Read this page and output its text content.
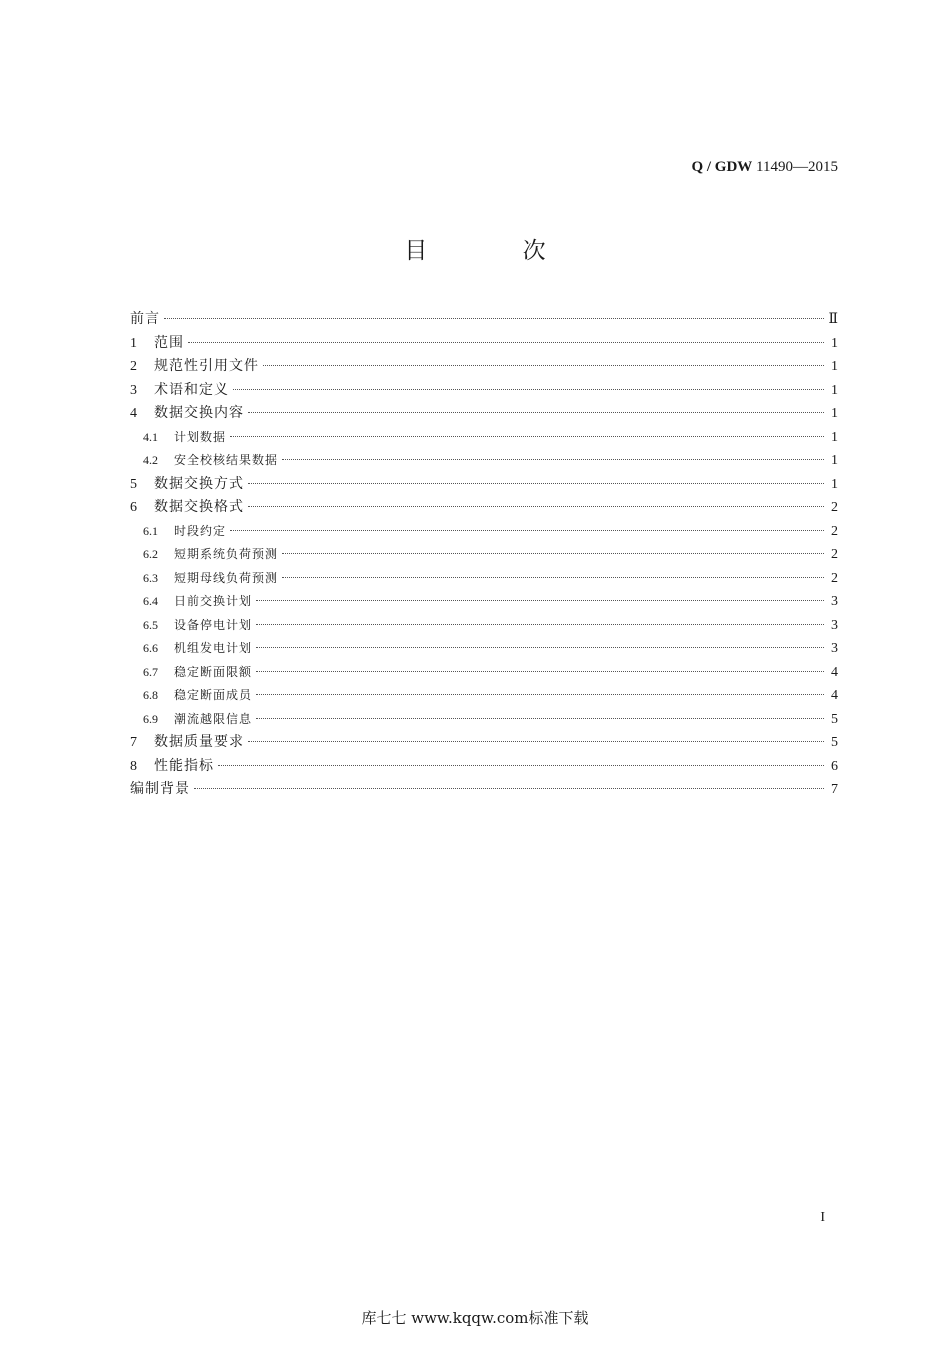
Q / GDW 11490—2015
目 次
前言	Ⅱ
1	范围	1
2	规范性引用文件	1
3	术语和定义	1
4	数据交换内容	1
4.1	计划数据	1
4.2	安全校核结果数据	1
5	数据交换方式	1
6	数据交换格式	2
6.1	时段约定	2
6.2	短期系统负荷预测	2
6.3	短期母线负荷预测	2
6.4	日前交换计划	3
6.5	设备停电计划	3
6.6	机组发电计划	3
6.7	稳定断面限额	4
6.8	稳定断面成员	4
6.9	潮流越限信息	5
7	数据质量要求	5
8	性能指标	6
编制背景	7
I
库七七 www.kqqw.com标准下载
